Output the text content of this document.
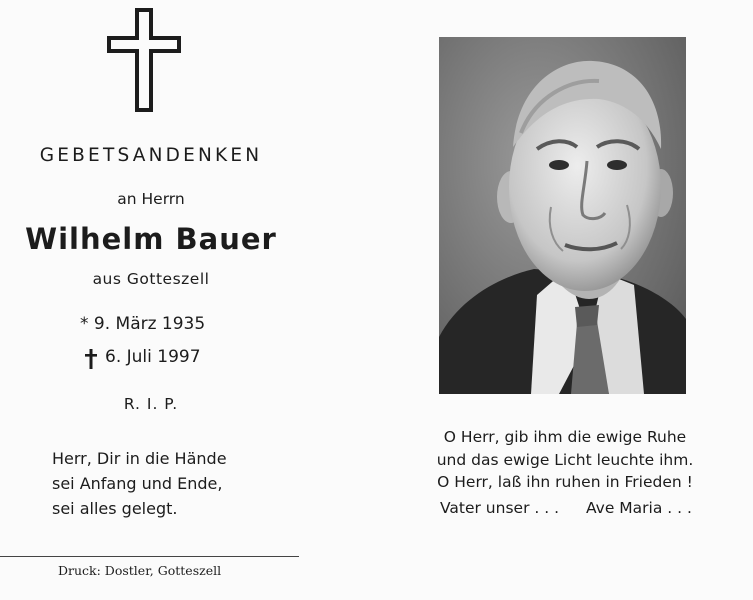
GEBETSANDENKEN
an Herrn
Wilhelm Bauer
aus Gotteszell
* 9. März 1935
6. Juli 1997
R. I. P.
Herr, Dir in die Hände
sei Anfang und Ende,
sei alles gelegt.
Druck: Dostler, Gotteszell
O Herr, gib ihm die ewige Ruhe
und das ewige Licht leuchte ihm.
O Herr, laß ihn ruhen in Frieden !
Vater unser . . . Ave Maria . . .
